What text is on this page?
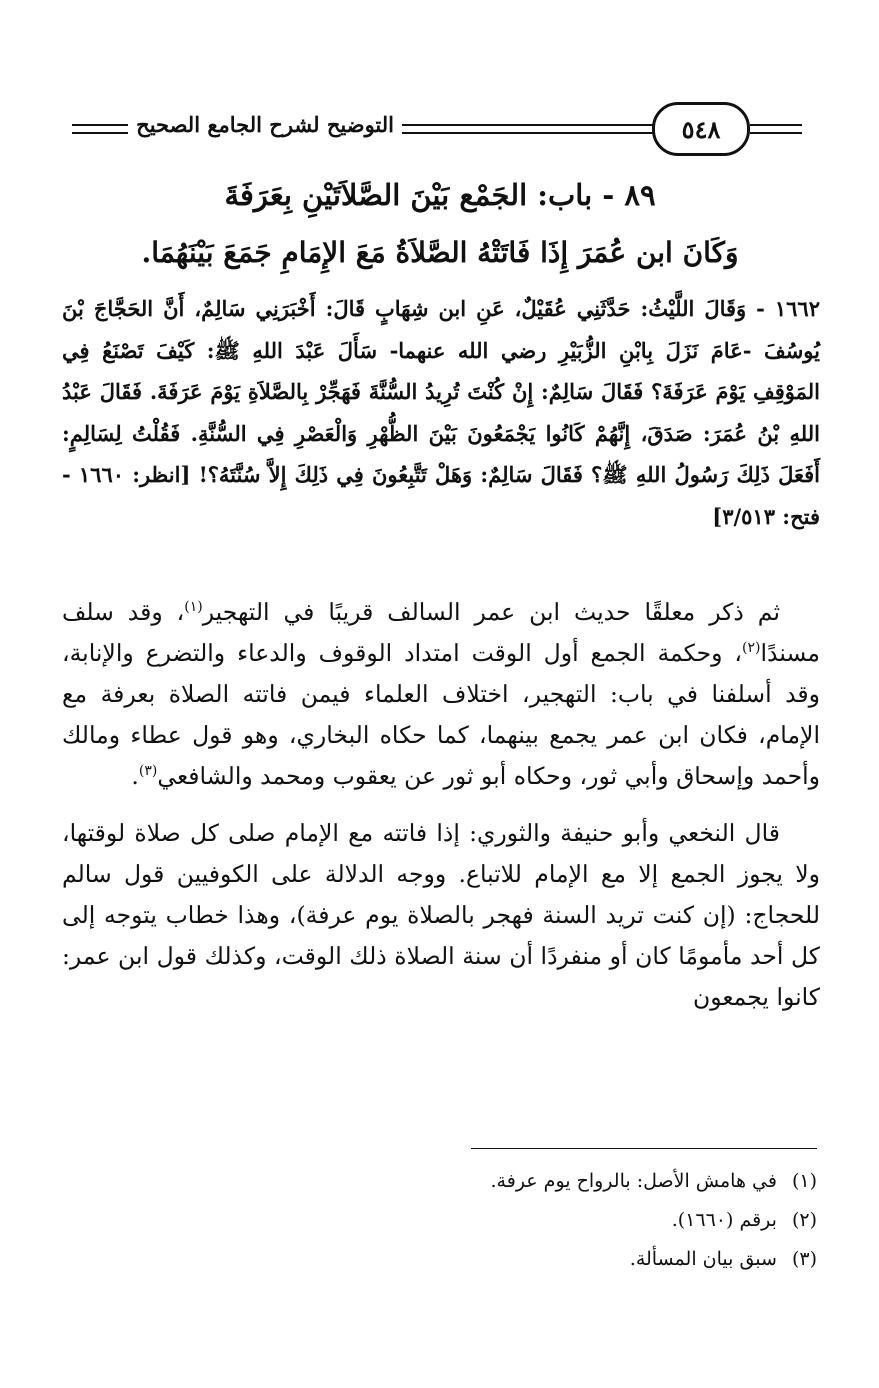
٥٤٨
التوضيح لشرح الجامع الصحيح
٨٩ - باب: الجَمْع بَيْنَ الصَّلاَتَيْنِ بِعَرَفَةَ
وَكَانَ ابن عُمَرَ إِذَا فَاتَتْهُ الصَّلاَةُ مَعَ الإِمَامِ جَمَعَ بَيْنَهُمَا.
١٦٦٢ - وَقَالَ اللَّيْثُ: حَدَّثَنِي عُقَيْلٌ، عَنِ ابن شِهَابٍ قَالَ: أَخْبَرَنِي سَالِمٌ، أَنَّ الحَجَّاجَ بْنَ يُوسُفَ -عَامَ نَزَلَ بِابْنِ الزُّبَيْرِ رضي الله عنهما- سَأَلَ عَبْدَ اللهِ ﷺ: كَيْفَ تَصْنَعُ فِي المَوْقِفِ يَوْمَ عَرَفَةَ؟ فَقَالَ سَالِمٌ: إِنْ كُنْتَ تُرِيدُ السُّنَّةَ فَهَجِّرْ بِالصَّلاَةِ يَوْمَ عَرَفَةَ. فَقَالَ عَبْدُ اللهِ بْنُ عُمَرَ: صَدَقَ، إِنَّهُمْ كَانُوا يَجْمَعُونَ بَيْنَ الظُّهْرِ وَالْعَصْرِ فِي السُّنَّةِ. فَقُلْتُ لِسَالِمٍ: أَفَعَلَ ذَلِكَ رَسُولُ اللهِ ﷺ؟ فَقَالَ سَالِمٌ: وَهَلْ تَتَّبِعُونَ فِي ذَلِكَ إِلاَّ سُنَّتَهُ؟! [انظر: ١٦٦٠ - فتح: ٣/٥١٣]

ثم ذكر معلقًا حديث ابن عمر السالف قريبًا في التهجير$^{(١)}$، وقد سلف مسندًا$^{(٢)}$، وحكمة الجمع أول الوقت امتداد الوقوف والدعاء والتضرع والإنابة، وقد أسلفنا في باب: التهجير، اختلاف العلماء فيمن فاتته الصلاة بعرفة مع الإمام، فكان ابن عمر يجمع بينهما، كما حكاه البخاري، وهو قول عطاء ومالك وأحمد وإسحاق وأبي ثور، وحكاه أبو ثور عن يعقوب ومحمد والشافعي$^{(٣)}$.

قال النخعي وأبو حنيفة والثوري: إذا فاتته مع الإمام صلى كل صلاة لوقتها، ولا يجوز الجمع إلا مع الإمام للاتباع. ووجه الدلالة على الكوفيين قول سالم للحجاج: (إن كنت تريد السنة فهجر بالصلاة يوم عرفة)، وهذا خطاب يتوجه إلى كل أحد مأمومًا كان أو منفردًا أن سنة الصلاة ذلك الوقت، وكذلك قول ابن عمر: كانوا يجمعون

(١) في هامش الأصل: بالرواح يوم عرفة.
(٢) برقم (١٦٦٠).
(٣) سبق بيان المسألة.
